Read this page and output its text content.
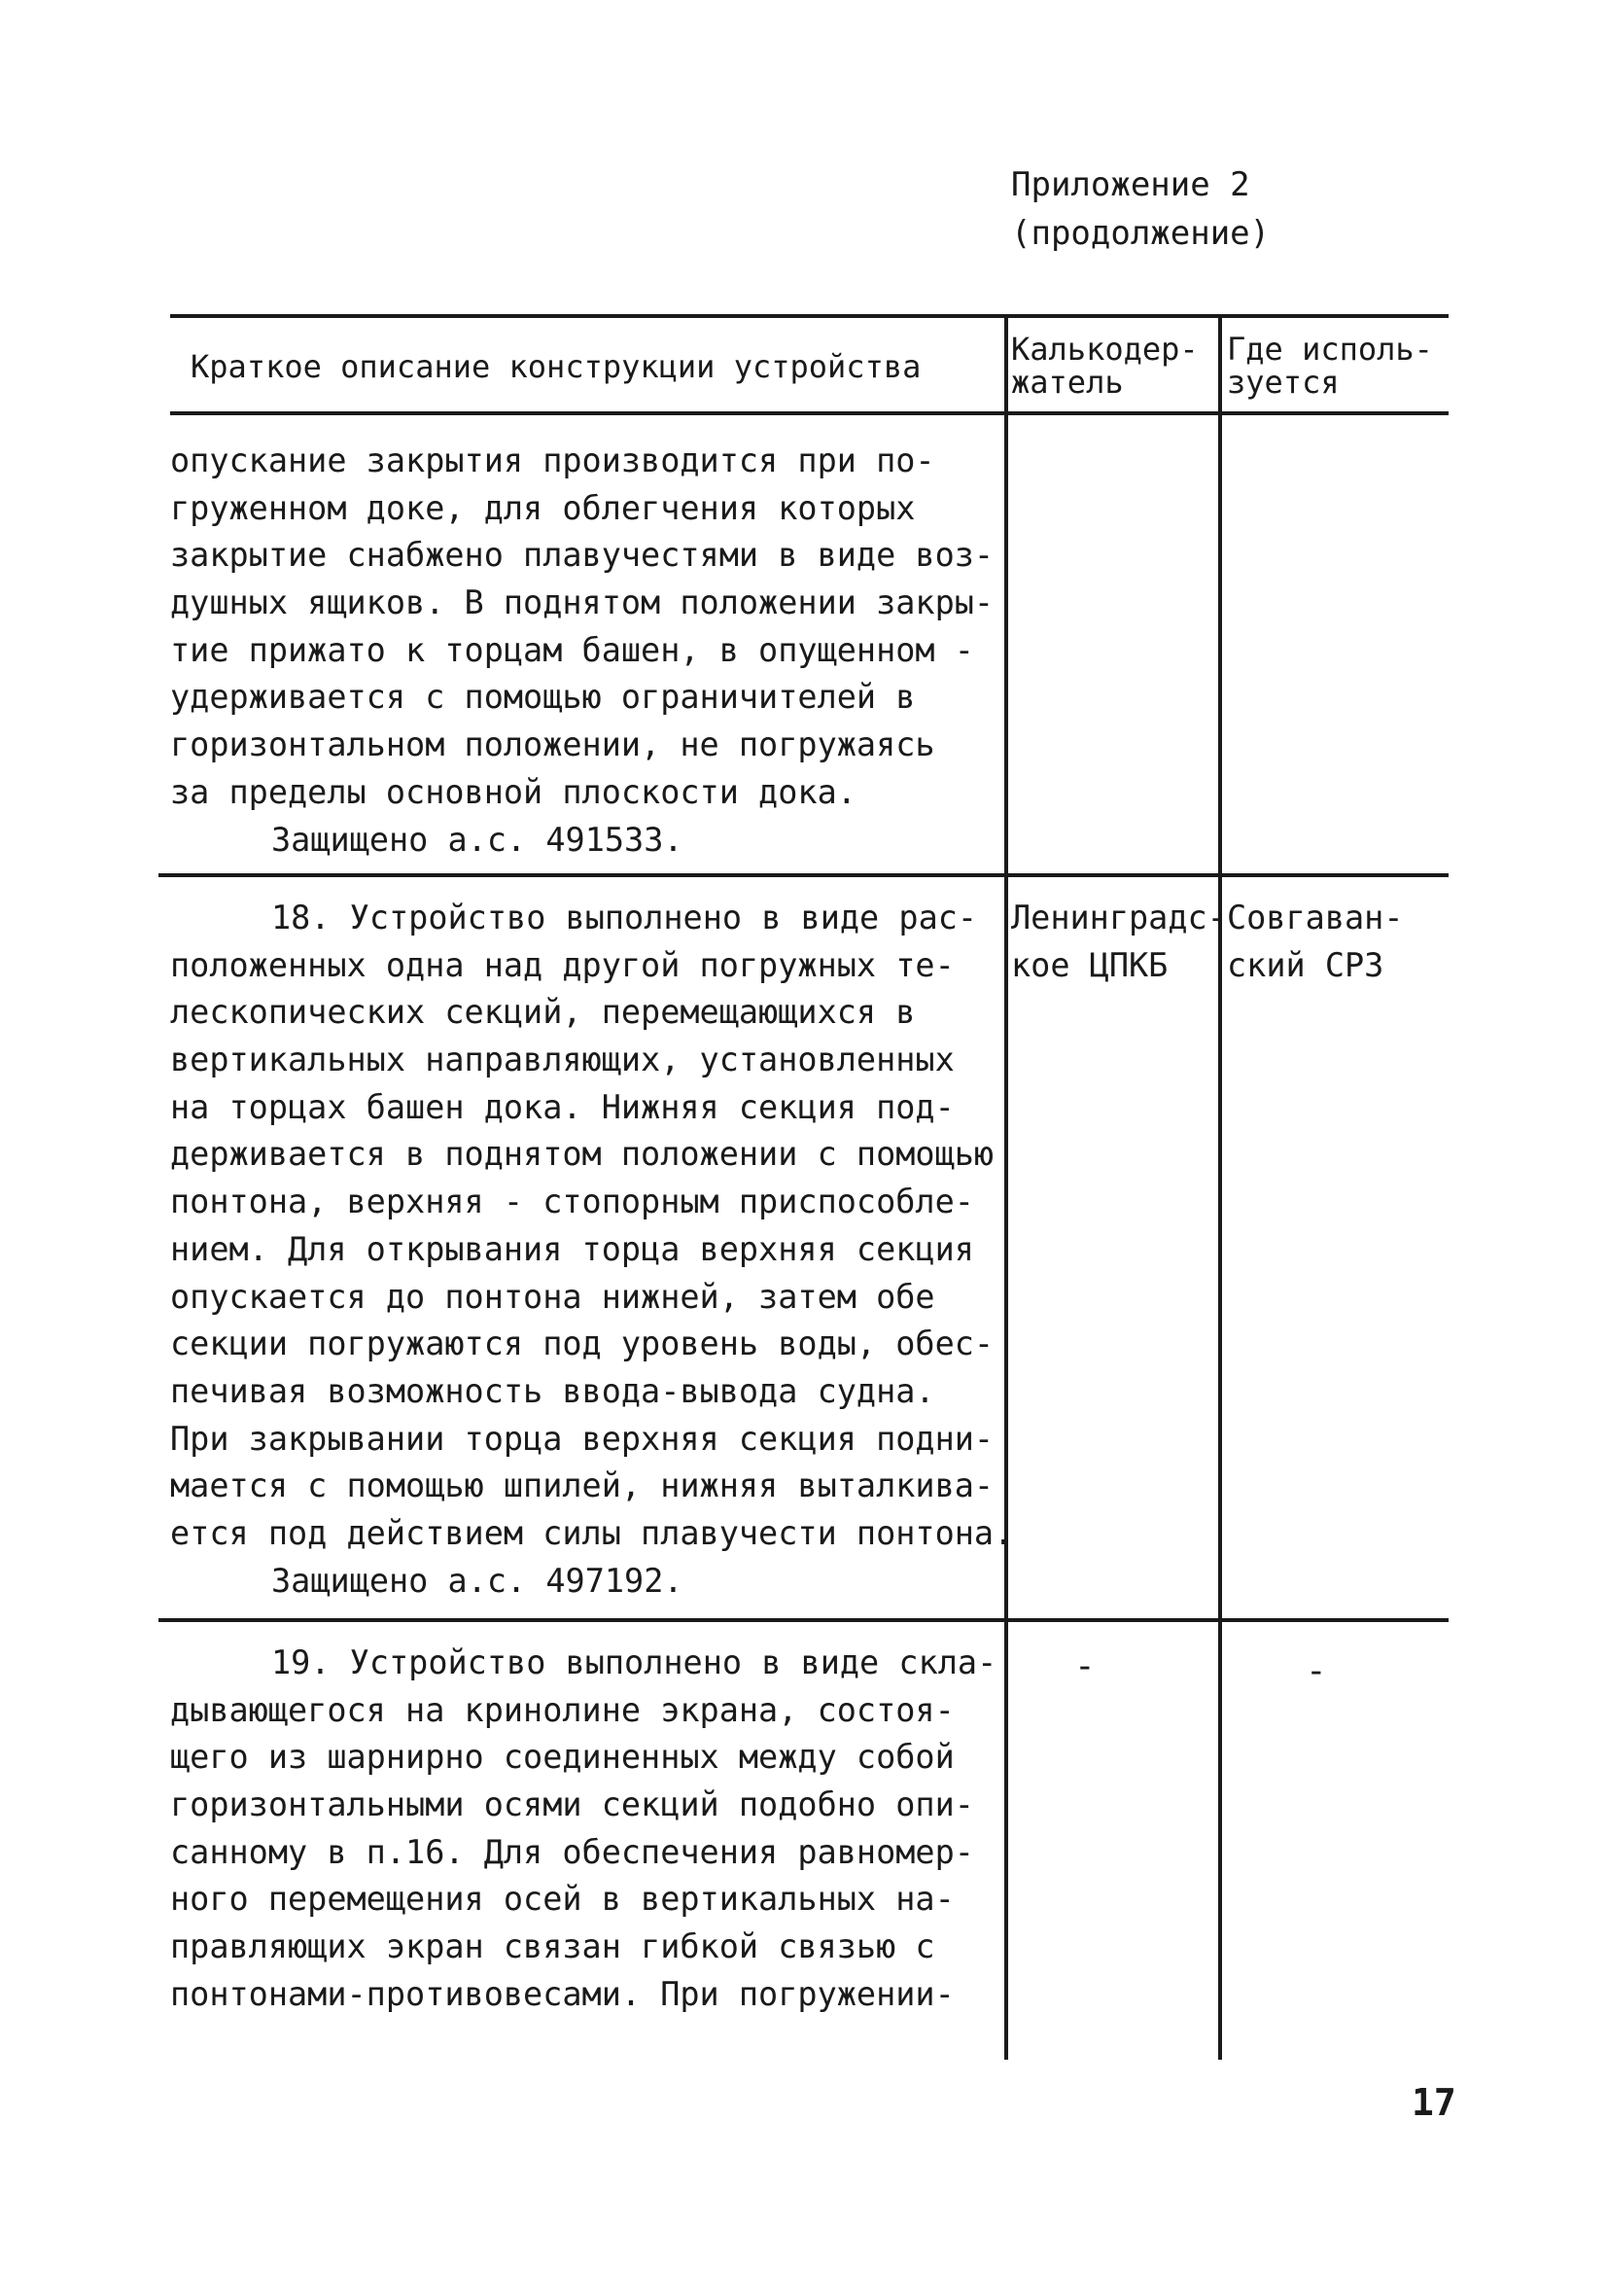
Приложение 2
(продолжение)
Краткое описание конструкции устройства	Калькодер-
жатель
Где исполь-
зуется
опускание закрытия производится при по-
груженном доке, для облегчения которых
закрытие снабжено плавучестями в виде воз-
душных ящиков. В поднятом положении закры-
тие прижато к торцам башен, в опущенном -
удерживается с помощью ограничителей в
горизонтальном положении, не погружаясь
за пределы основной плоскости дока.
Защищено а.с. 491533.
18. Устройство выполнено в виде рас-
положенных одна над другой погружных те-
лескопических секций, перемещающихся в
вертикальных направляющих, установленных
на торцах башен дока. Нижняя секция под-
держивается в поднятом положении с помощью
понтона, верхняя - стопорным приспособле-
нием. Для открывания торца верхняя секция
опускается до понтона нижней, затем обе
секции погружаются под уровень воды, обес-
печивая возможность ввода-вывода судна.
При закрывании торца верхняя секция подни-
мается с помощью шпилей, нижняя выталкива-
ется под действием силы плавучести понтона.
Защищено а.с. 497192.
Ленинградс-
кое ЦПКБ
Совгаван-
ский СРЗ
19. Устройство выполнено в виде скла-
дывающегося на кринолине экрана, состоя-
щего из шарнирно соединенных между собой
горизонтальными осями секций подобно опи-
санному в п.16. Для обеспечения равномер-
ного перемещения осей в вертикальных на-
правляющих экран связан гибкой связью с
понтонами-противовесами. При погружении-
-	-
17
